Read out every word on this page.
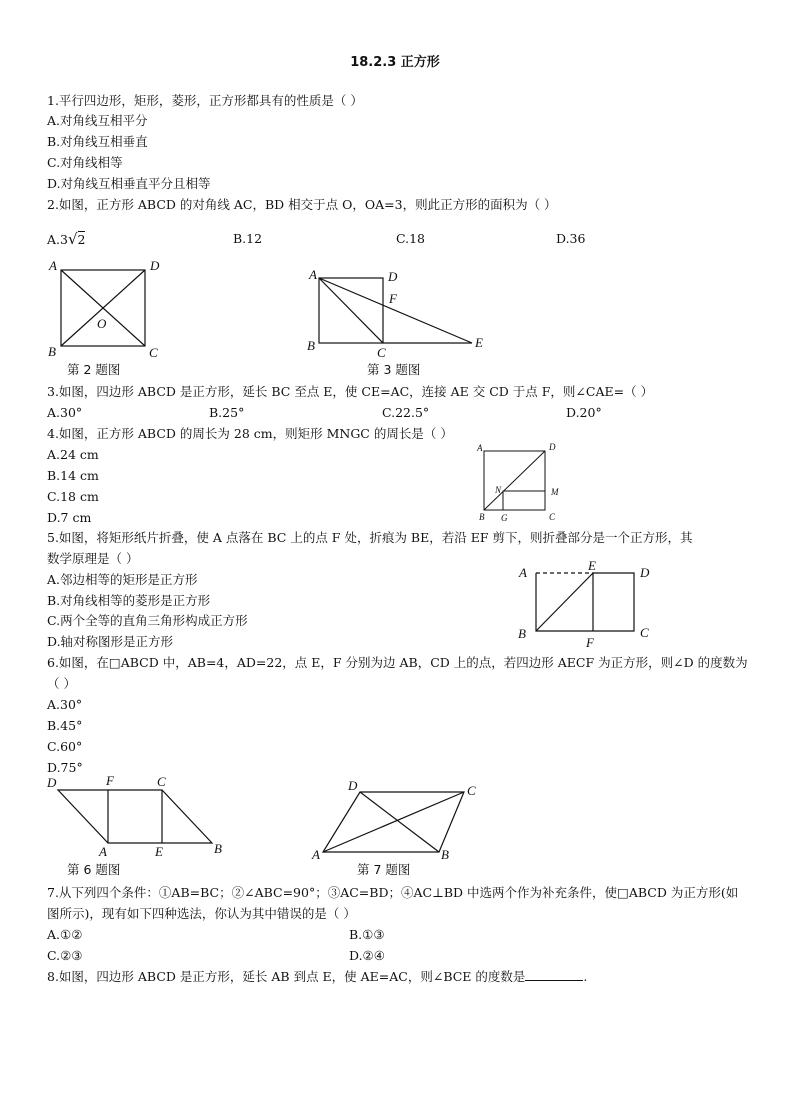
18.2.3 正方形
1.平行四边形，矩形，菱形，正方形都具有的性质是（ ）
A.对角线互相平分
B.对角线互相垂直
C.对角线相等
D.对角线互相垂直平分且相等
2.如图，正方形 ABCD 的对角线 AC，BD 相交于点 O，OA=3，则此正方形的面积为（ ）
A.3√2	B.12	C.18	D.36
3.如图，四边形 ABCD 是正方形，延长 BC 至点 E，使 CE=AC，连接 AE 交 CD 于点 F，则∠CAE=（ ）
A.30°	B.25°	C.22.5°	D.20°
4.如图，正方形 ABCD 的周长为 28 cm，则矩形 MNGC 的周长是（ ）
A.24 cm
B.14 cm
C.18 cm
D.7 cm
5.如图，将矩形纸片折叠，使 A 点落在 BC 上的点 F 处，折痕为 BE，若沿 EF 剪下，则折叠部分是一个正方形，其
数学原理是（ ）
A.邻边相等的矩形是正方形
B.对角线相等的菱形是正方形
C.两个全等的直角三角形构成正方形
D.轴对称图形是正方形
6.如图，在□ABCD 中，AB=4，AD=22，点 E，F 分别为边 AB，CD 上的点，若四边形 AECF 为正方形，则∠D 的度数为
（ ）
A.30°
B.45°
C.60°
D.75°
7.从下列四个条件：①AB=BC；②∠ABC=90°；③AC=BD；④AC⊥BD 中选两个作为补充条件，使□ABCD 为正方形(如
图所示)，现有如下四种选法，你认为其中错误的是（ ）
A.①②	B.①③
C.②③	D.②④
8.如图，四边形 ABCD 是正方形，延长 AB 到点 E，使 AE=AC，则∠BCE 的度数是	.
A	D
B	C
O
第 2 题图
A	D
F
B	C
E
第 3 题图
A	D
N	M
B G	C
A	E	D
B
F
C
D	F	C
A	E	B
第 6 题图
D	C
A	B
第 7 题图
